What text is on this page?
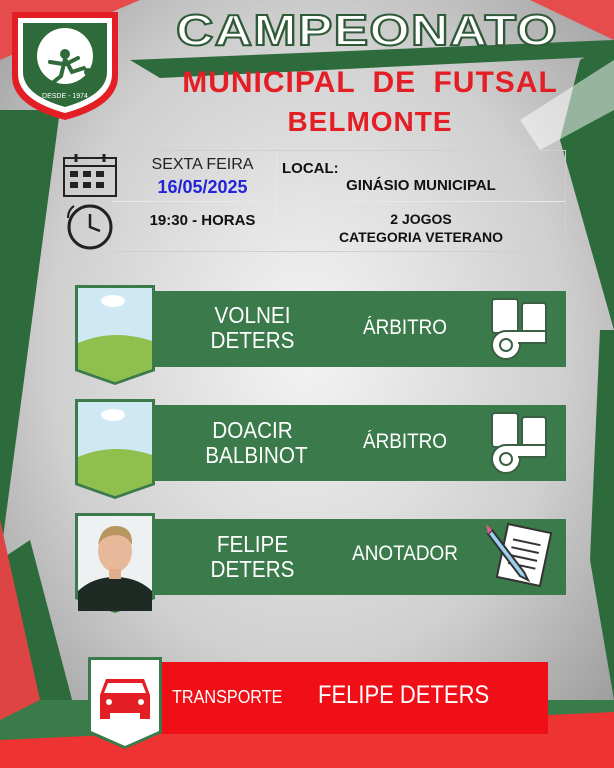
DESDE - 1974
CAMPEONATO
MUNICIPAL DE FUTSAL
BELMONTE
SEXTA FEIRA
16/05/2025
LOCAL:
GINÁSIO MUNICIPAL
19:30 - HORAS	2 JOGOS
CATEGORIA VETERANO
VOLNEI
DETERS	ÁRBITRO
DOACIR
BALBINOT
ÁRBITRO
FELIPE
DETERS
ANOTADOR
TRANSPORTE FELIPE DETERS
